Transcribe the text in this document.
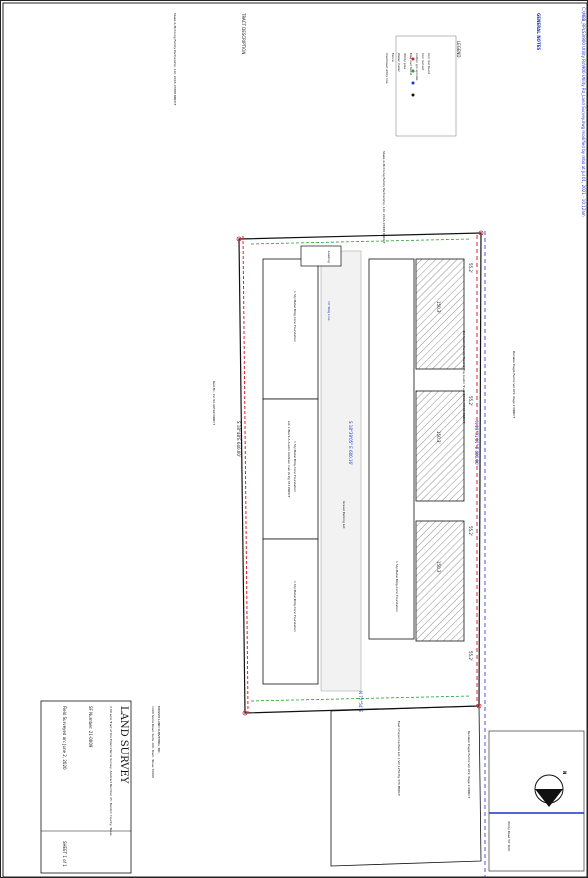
C:\MBB_RPLS3\900 Utility Rd\900 Utility Rd_Land Survey.dwg modified by mbd at Jul 01, 2021 - 10:12am
TRACT DESCRIPTION
Stake & McClung Family Partnership, Ltd. 2018-15888 DRDCT	GENERAL NOTES
LEGEND
Stake & McClung Family Partnership, Ltd. 2018-15888 DRDCT
Renaker Eagle Farms Vol.972, Page 2 DRDCT
Ed Austin Family Trust & The Austin Trust 2018-49596 DRDCT
Red-Hx, Inc 93-48590 DRDCT
Lot 1 Block A Austin Addition Cab W Pg 353 PRDCT
Renaker Eagle Farms Vol.972, Page 2 DRDCT
East Cheyenne Park Lot 1 Vol.1250 Pg 376 PRDCT
S 18°48'E 640.00'	N 19°31'01" E 600.00'
S 18°39'05" E 600.16'
N 72°54' E
1 Sty Metal Bldg-Conc Foundation
1 Sty Metal Bldg-Conc Foundation
1 Sty Metal Bldg-Conc Foundation	1 Sty Metal Bldg-Conc Foundation
55.2'
150.3'
55.2'
150.3'
55.2'
150.3'
55.2'
Gravel Parking Lot
10' Bldg Line
Utility Road 50' R/W
Loading
LAND SURVEY
2.00 acre Tract of the Eliam Harris Survey, Abstract Number 25, Denton County, Texas
SF Number: 21-0009
Field Surveyed on: June 2, 2020
SHEET 1 of 1
MIDWAY LAND SURVEYING, INC.
1400 Some Road, Suite 100, Town, Texas 76000	N
Iron rod found
Iron rod set
Cotton gin spindle
Mag nail found
Utility pole
Water meter
Fence
Overhead utility line
